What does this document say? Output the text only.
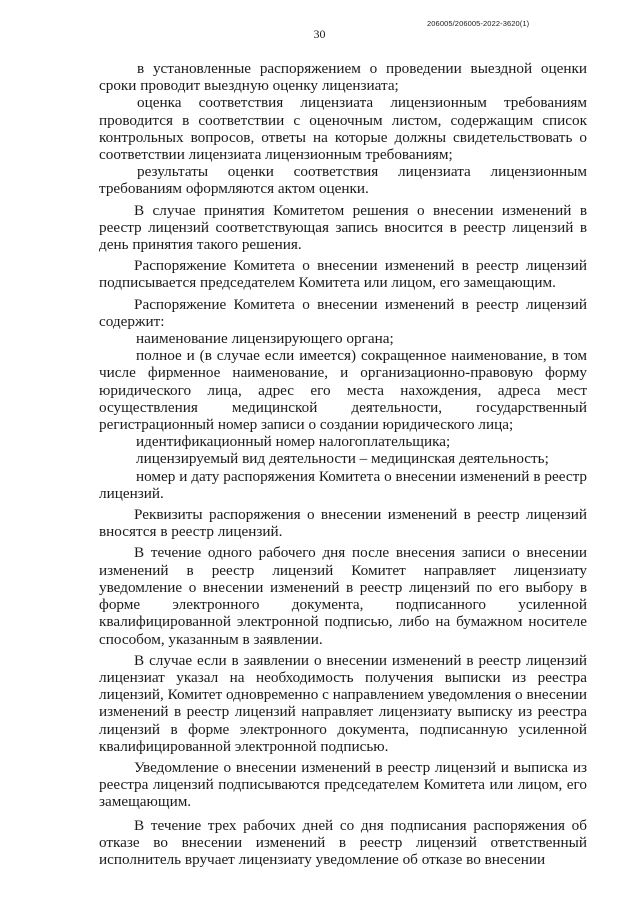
206005/206005-2022-3620(1)
30

в установленные распоряжением о проведении выездной оценки сроки проводит выездную оценку лицензиата;

оценка соответствия лицензиата лицензионным требованиям проводится в соответствии с оценочным листом, содержащим список контрольных вопросов, ответы на которые должны свидетельствовать о соответствии лицензиата лицензионным требованиям;

результаты оценки соответствия лицензиата лицензионным требованиям оформляются актом оценки.

В случае принятия Комитетом решения о внесении изменений в реестр лицензий соответствующая запись вносится в реестр лицензий в день принятия такого решения.

Распоряжение Комитета о внесении изменений в реестр лицензий подписывается председателем Комитета или лицом, его замещающим.

Распоряжение Комитета о внесении изменений в реестр лицензий содержит:

наименование лицензирующего органа;

полное и (в случае если имеется) сокращенное наименование, в том числе фирменное наименование, и организационно-правовую форму юридического лица, адрес его места нахождения, адреса мест осуществления медицинской деятельности, государственный регистрационный номер записи о создании юридического лица;

идентификационный номер налогоплательщика;

лицензируемый вид деятельности – медицинская деятельность;

номер и дату распоряжения Комитета о внесении изменений в реестр лицензий.

Реквизиты распоряжения о внесении изменений в реестр лицензий вносятся в реестр лицензий.

В течение одного рабочего дня после внесения записи о внесении изменений в реестр лицензий Комитет направляет лицензиату уведомление о внесении изменений в реестр лицензий по его выбору в форме электронного документа, подписанного усиленной квалифицированной электронной подписью, либо на бумажном носителе способом, указанным в заявлении.

В случае если в заявлении о внесении изменений в реестр лицензий лицензиат указал на необходимость получения выписки из реестра лицензий, Комитет одновременно с направлением уведомления о внесении изменений в реестр лицензий направляет лицензиату выписку из реестра лицензий в форме электронного документа, подписанную усиленной квалифицированной электронной подписью.

Уведомление о внесении изменений в реестр лицензий и выписка из реестра лицензий подписываются председателем Комитета или лицом, его замещающим.

В течение трех рабочих дней со дня подписания распоряжения об отказе во внесении изменений в реестр лицензий ответственный исполнитель вручает лицензиату уведомление об отказе во внесении
